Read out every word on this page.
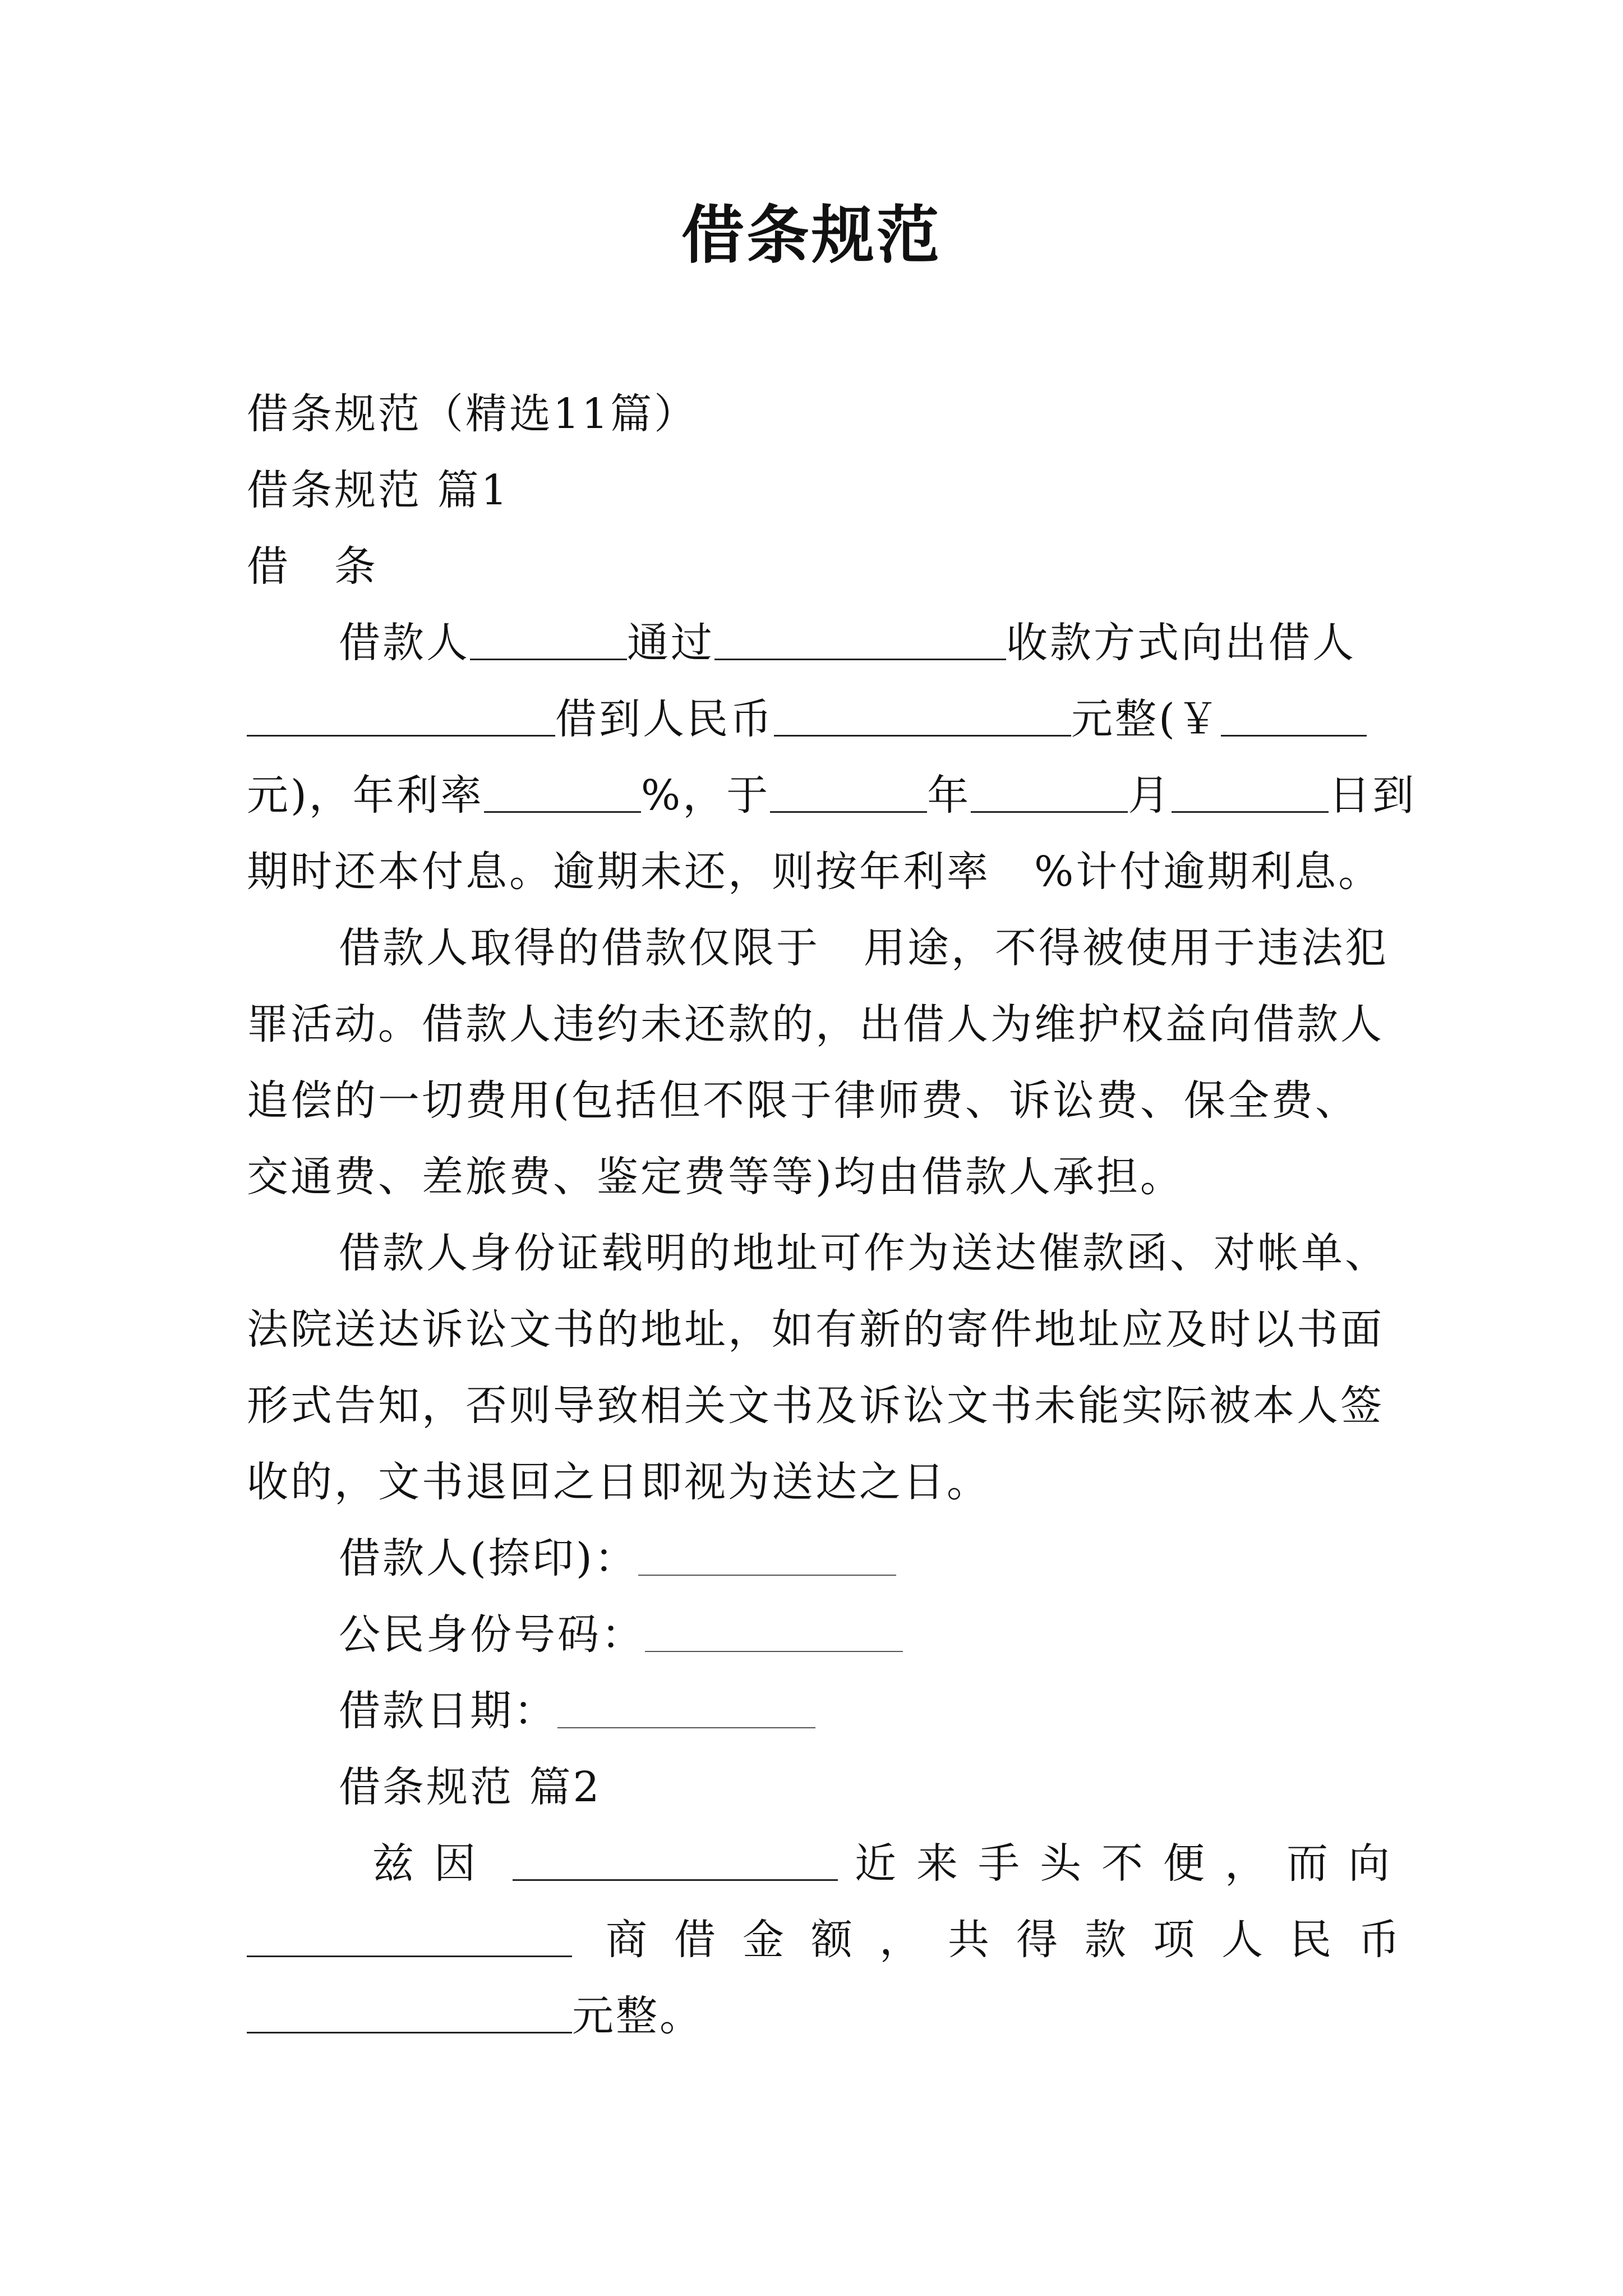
借条规范
借条规范（精选11篇）
借条规范 篇1
借　条
借款人	通过	收款方式向出借人
借到人民币	元整(￥
元)，年利率	%，于	年	月	日到
期时还本付息。逾期未还，则按年利率　%计付逾期利息。
借款人取得的借款仅限于　用途，不得被使用于违法犯
罪活动。借款人违约未还款的，出借人为维护权益向借款人
追偿的一切费用(包括但不限于律师费、诉讼费、保全费、
交通费、差旅费、鉴定费等等)均由借款人承担。
借款人身份证载明的地址可作为送达催款函、对帐单、
法院送达诉讼文书的地址，如有新的寄件地址应及时以书面
形式告知，否则导致相关文书及诉讼文书未能实际被本人签
收的，文书退回之日即视为送达之日。
借款人(捺印)：
公民身份号码：
借款日期：
借条规范 篇2
兹因	近来手头不便，而向
商借金额，共得款项人民币
元整。
